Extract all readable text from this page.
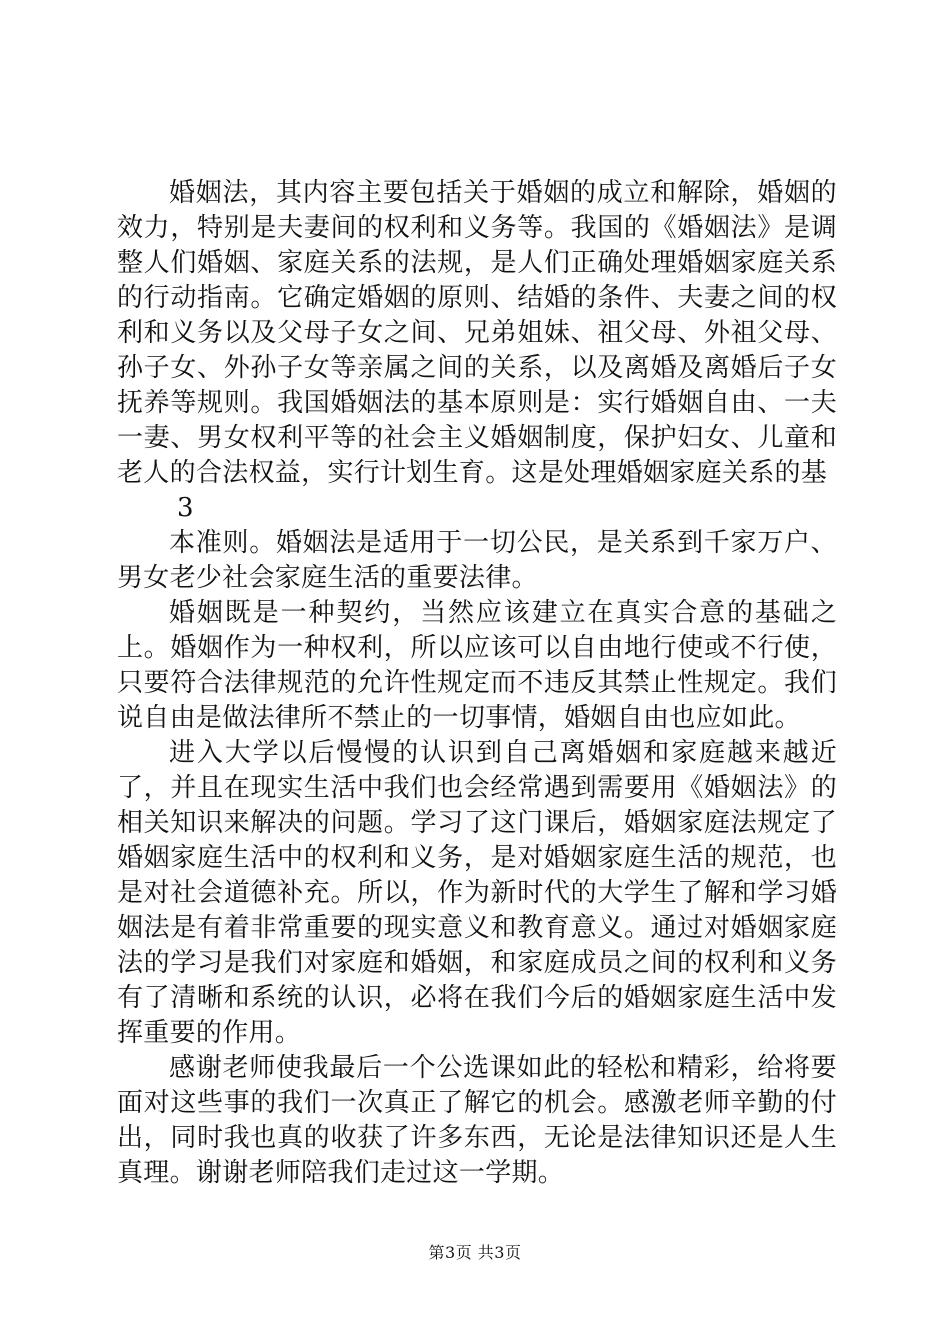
婚姻法，其内容主要包括关于婚姻的成立和解除，婚姻的效力，特别是夫妻间的权利和义务等。我国的《婚姻法》是调整人们婚姻、家庭关系的法规，是人们正确处理婚姻家庭关系的行动指南。它确定婚姻的原则、结婚的条件、夫妻之间的权利和义务以及父母子女之间、兄弟姐妹、祖父母、外祖父母、孙子女、外孙子女等亲属之间的关系，以及离婚及离婚后子女抚养等规则。我国婚姻法的基本原则是：实行婚姻自由、一夫一妻、男女权利平等的社会主义婚姻制度，保护妇女、儿童和老人的合法权益，实行计划生育。这是处理婚姻家庭关系的基

3

本准则。婚姻法是适用于一切公民，是关系到千家万户、男女老少社会家庭生活的重要法律。

婚姻既是一种契约，当然应该建立在真实合意的基础之上。婚姻作为一种权利，所以应该可以自由地行使或不行使，只要符合法律规范的允许性规定而不违反其禁止性规定。我们说自由是做法律所不禁止的一切事情，婚姻自由也应如此。

进入大学以后慢慢的认识到自己离婚姻和家庭越来越近了，并且在现实生活中我们也会经常遇到需要用《婚姻法》的相关知识来解决的问题。学习了这门课后，婚姻家庭法规定了婚姻家庭生活中的权利和义务，是对婚姻家庭生活的规范，也是对社会道德补充。所以，作为新时代的大学生了解和学习婚姻法是有着非常重要的现实意义和教育意义。通过对婚姻家庭法的学习是我们对家庭和婚姻，和家庭成员之间的权利和义务有了清晰和系统的认识，必将在我们今后的婚姻家庭生活中发挥重要的作用。

感谢老师使我最后一个公选课如此的轻松和精彩，给将要面对这些事的我们一次真正了解它的机会。感激老师辛勤的付出，同时我也真的收获了许多东西，无论是法律知识还是人生真理。谢谢老师陪我们走过这一学期。

第3页 共3页
